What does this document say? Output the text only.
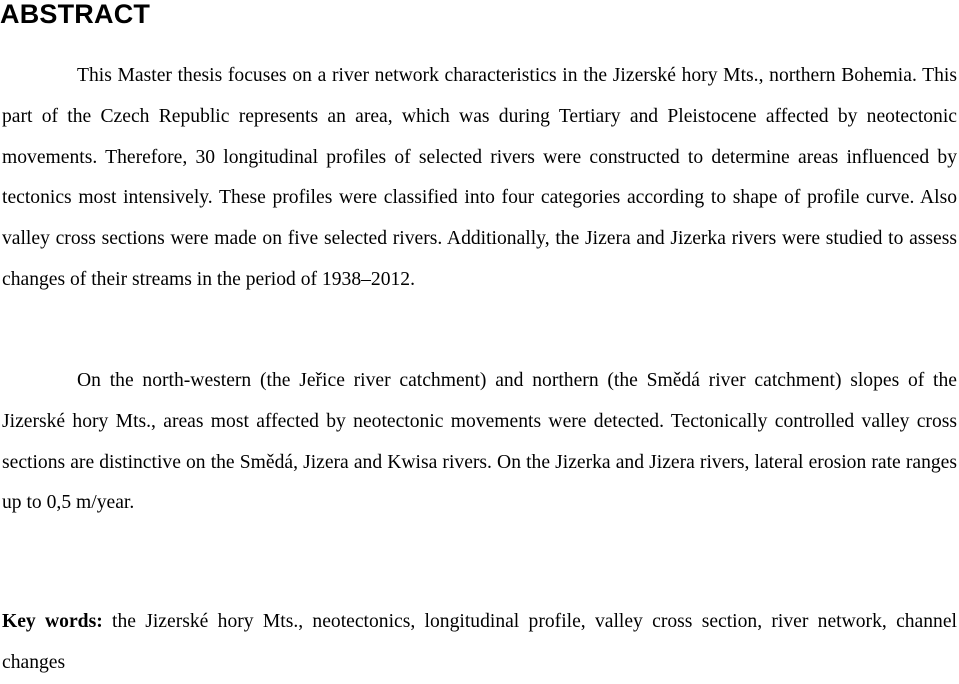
ABSTRACT

This Master thesis focuses on a river network characteristics in the Jizerské hory Mts., northern Bohemia. This part of the Czech Republic represents an area, which was during Tertiary and Pleistocene affected by neotectonic movements. Therefore, 30 longitudinal profiles of selected rivers were constructed to determine areas influenced by tectonics most intensively. These profiles were classified into four categories according to shape of profile curve. Also valley cross sections were made on five selected rivers. Additionally, the Jizera and Jizerka rivers were studied to assess changes of their streams in the period of 1938–2012.

On the north-western (the Jeřice river catchment) and northern (the Smědá river catchment) slopes of the Jizerské hory Mts., areas most affected by neotectonic movements were detected. Tectonically controlled valley cross sections are distinctive on the Smědá, Jizera and Kwisa rivers. On the Jizerka and Jizera rivers, lateral erosion rate ranges up to 0,5 m/year.

Key words: the Jizerské hory Mts., neotectonics, longitudinal profile, valley cross section, river network, channel changes
